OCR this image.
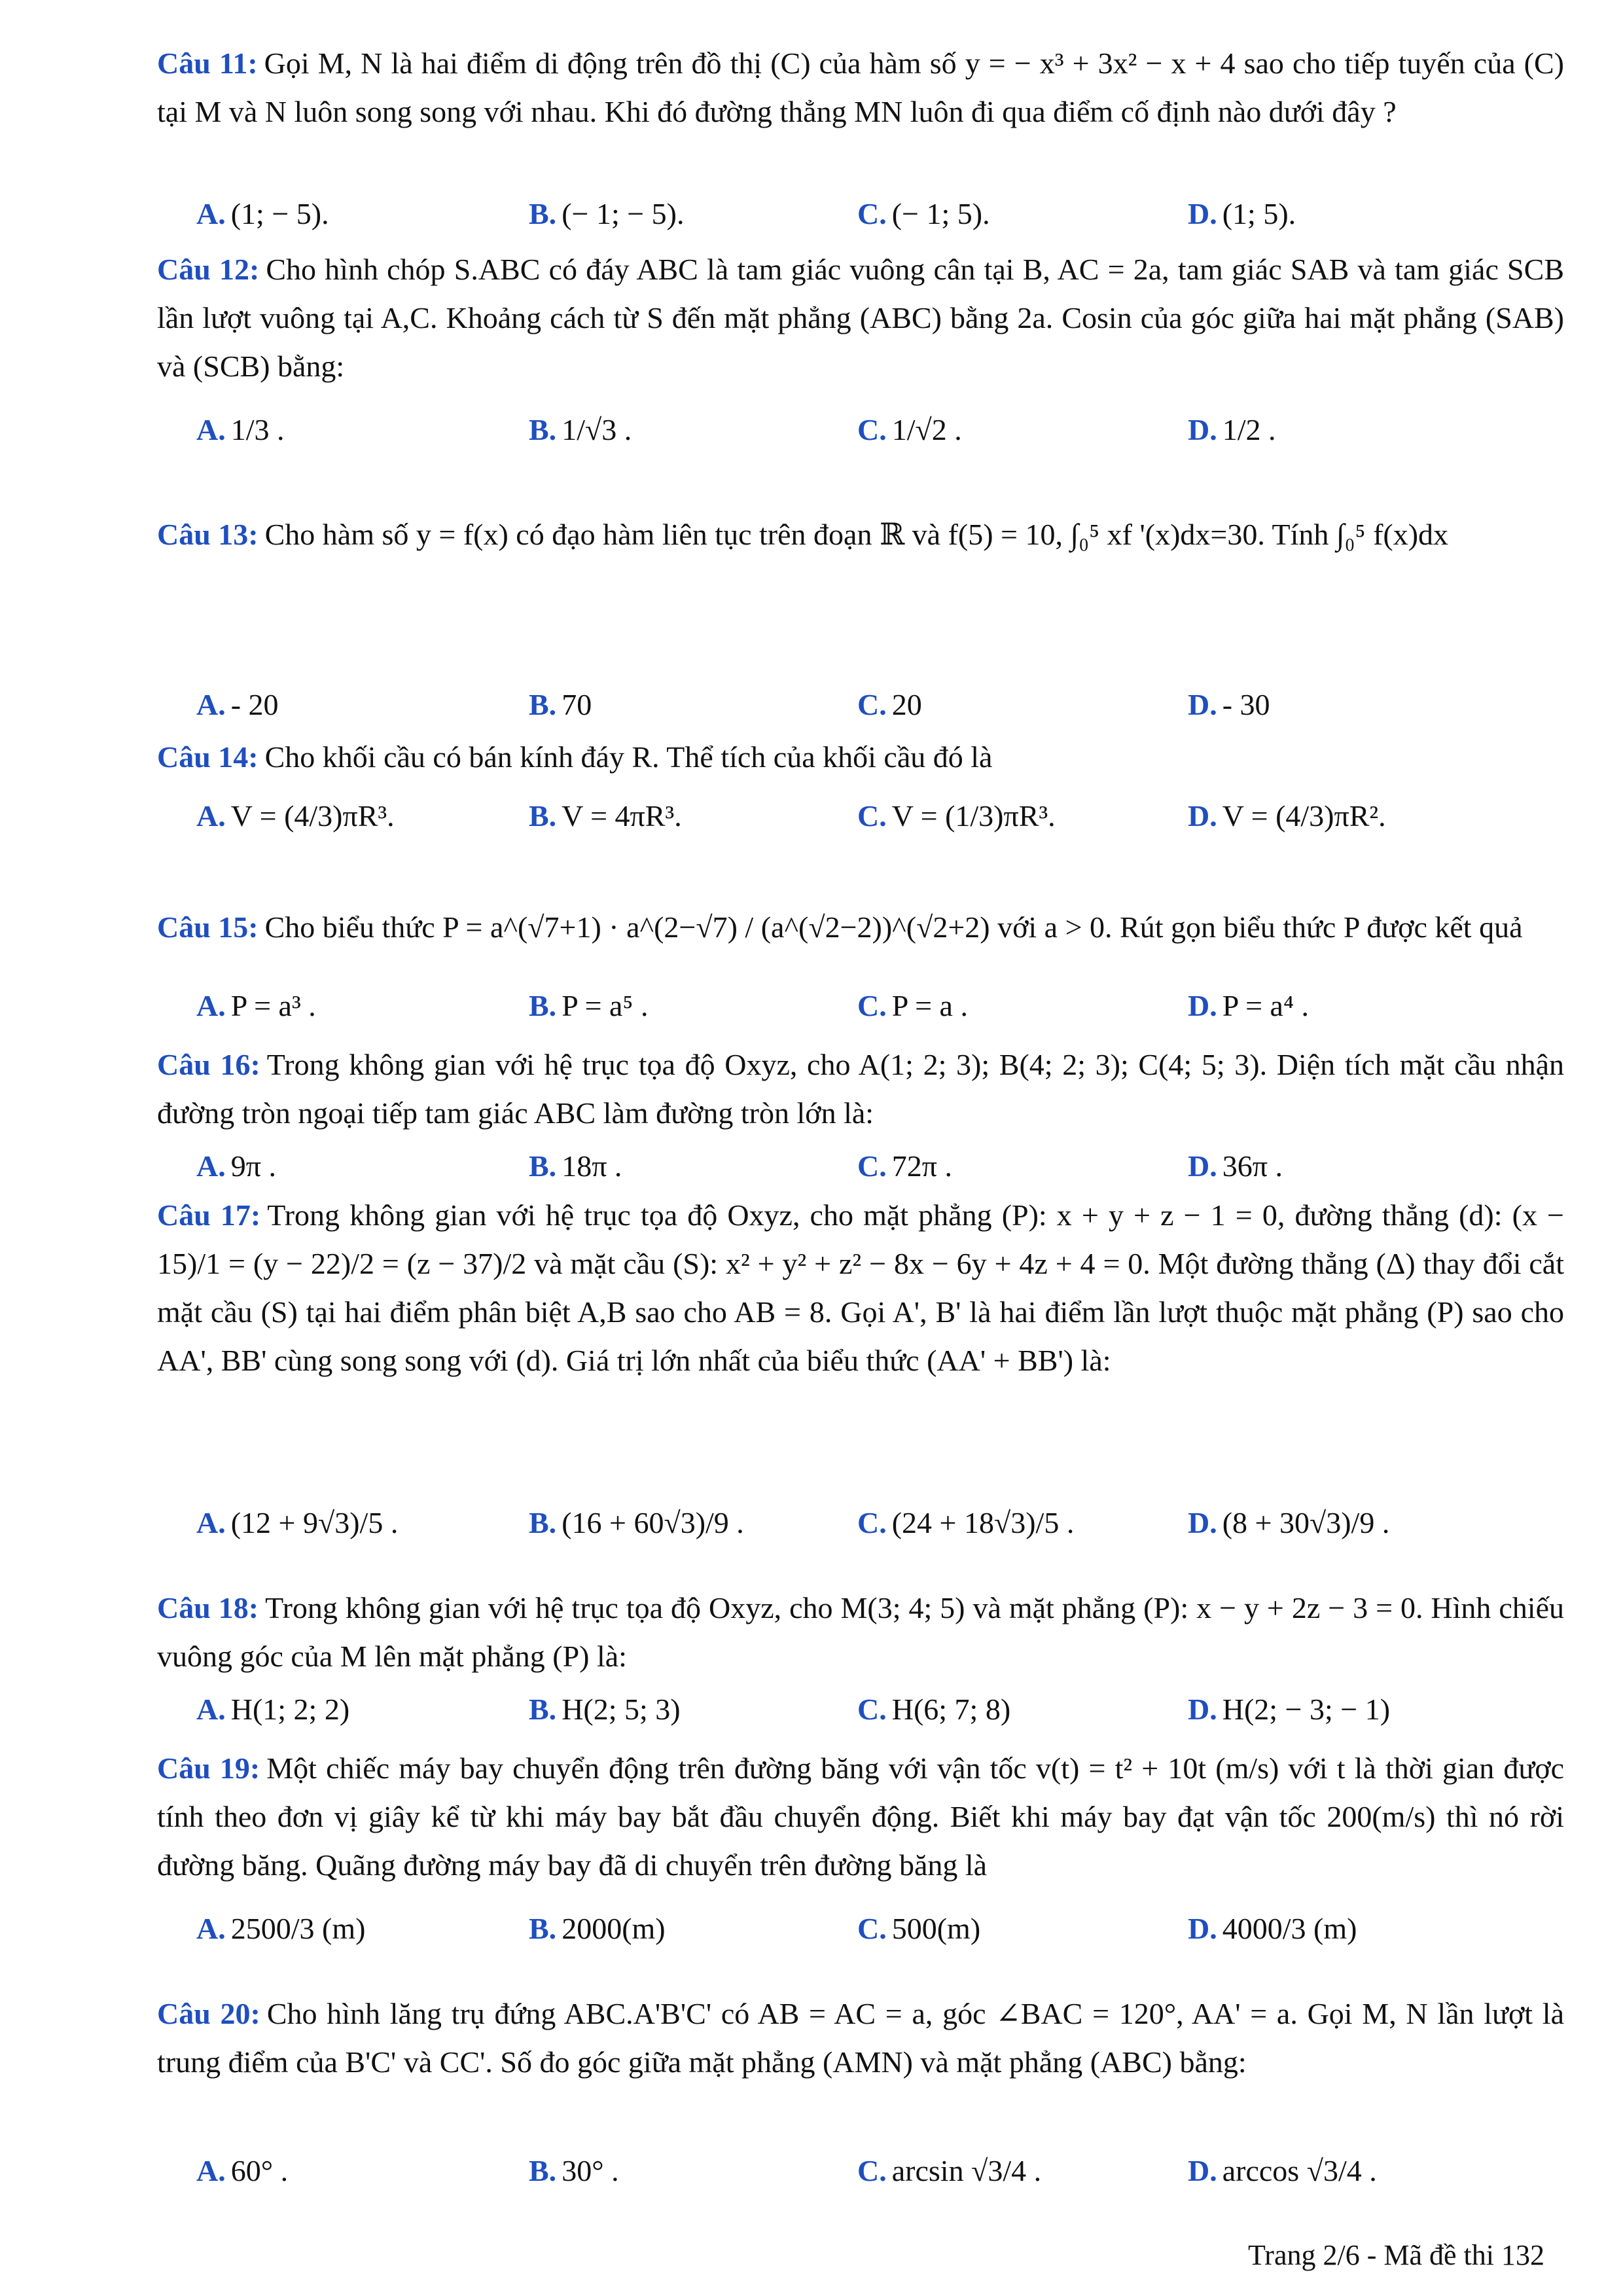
Câu 11: Gọi M, N là hai điểm di động trên đồ thị (C) của hàm số y = − x³ + 3x² − x + 4 sao cho tiếp tuyến của (C) tại M và N luôn song song với nhau. Khi đó đường thẳng MN luôn đi qua điểm cố định nào dưới đây ?
A. (1; − 5).	B. (− 1; − 5).	C. (− 1; 5).	D. (1; 5).
Câu 12: Cho hình chóp S.ABC có đáy ABC là tam giác vuông cân tại B, AC = 2a, tam giác SAB và tam giác SCB lần lượt vuông tại A,C. Khoảng cách từ S đến mặt phẳng (ABC) bằng 2a. Cosin của góc giữa hai mặt phẳng (SAB) và (SCB) bằng:
A. 1/3 .	B. 1/√3 .	C. 1/√2 .	D. 1/2 .
Câu 13: Cho hàm số y = f(x) có đạo hàm liên tục trên đoạn ℝ và f(5) = 10, ∫₀⁵ xf '(x)dx=30. Tính ∫₀⁵ f(x)dx
A. - 20	B. 70	C. 20	D. - 30
Câu 14: Cho khối cầu có bán kính đáy R. Thể tích của khối cầu đó là
A. V = (4/3)πR³.	B. V = 4πR³.	C. V = (1/3)πR³.	D. V = (4/3)πR².
Câu 15: Cho biểu thức P = a^(√7+1) · a^(2−√7) / (a^(√2−2))^(√2+2) với a > 0. Rút gọn biểu thức P được kết quả
A. P = a³ .	B. P = a⁵ .	C. P = a .	D. P = a⁴ .
Câu 16: Trong không gian với hệ trục tọa độ Oxyz, cho A(1; 2; 3); B(4; 2; 3); C(4; 5; 3). Diện tích mặt cầu nhận đường tròn ngoại tiếp tam giác ABC làm đường tròn lớn là:
A. 9π .	B. 18π .	C. 72π .	D. 36π .
Câu 17: Trong không gian với hệ trục tọa độ Oxyz, cho mặt phẳng (P): x + y + z − 1 = 0, đường thẳng (d): (x − 15)/1 = (y − 22)/2 = (z − 37)/2 và mặt cầu (S): x² + y² + z² − 8x − 6y + 4z + 4 = 0. Một đường thẳng (Δ) thay đổi cắt mặt cầu (S) tại hai điểm phân biệt A,B sao cho AB = 8. Gọi A', B' là hai điểm lần lượt thuộc mặt phẳng (P) sao cho AA', BB' cùng song song với (d). Giá trị lớn nhất của biểu thức (AA' + BB') là:
A. (12 + 9√3)/5 .	B. (16 + 60√3)/9 .	C. (24 + 18√3)/5 .	D. (8 + 30√3)/9 .
Câu 18: Trong không gian với hệ trục tọa độ Oxyz, cho M(3; 4; 5) và mặt phẳng (P): x − y + 2z − 3 = 0. Hình chiếu vuông góc của M lên mặt phẳng (P) là:
A. H(1; 2; 2)	B. H(2; 5; 3)	C. H(6; 7; 8)	D. H(2; − 3; − 1)
Câu 19: Một chiếc máy bay chuyển động trên đường băng với vận tốc v(t) = t² + 10t (m/s) với t là thời gian được tính theo đơn vị giây kể từ khi máy bay bắt đầu chuyển động. Biết khi máy bay đạt vận tốc 200(m/s) thì nó rời đường băng. Quãng đường máy bay đã di chuyển trên đường băng là
A. 2500/3 (m)	B. 2000(m)	C. 500(m)	D. 4000/3 (m)
Câu 20: Cho hình lăng trụ đứng ABC.A'B'C' có AB = AC = a, góc ∠BAC = 120°, AA' = a. Gọi M, N lần lượt là trung điểm của B'C' và CC'. Số đo góc giữa mặt phẳng (AMN) và mặt phẳng (ABC) bằng:
A. 60° .	B. 30° .	C. arcsin √3/4 .	D. arccos √3/4 .
Trang 2/6 - Mã đề thi 132
